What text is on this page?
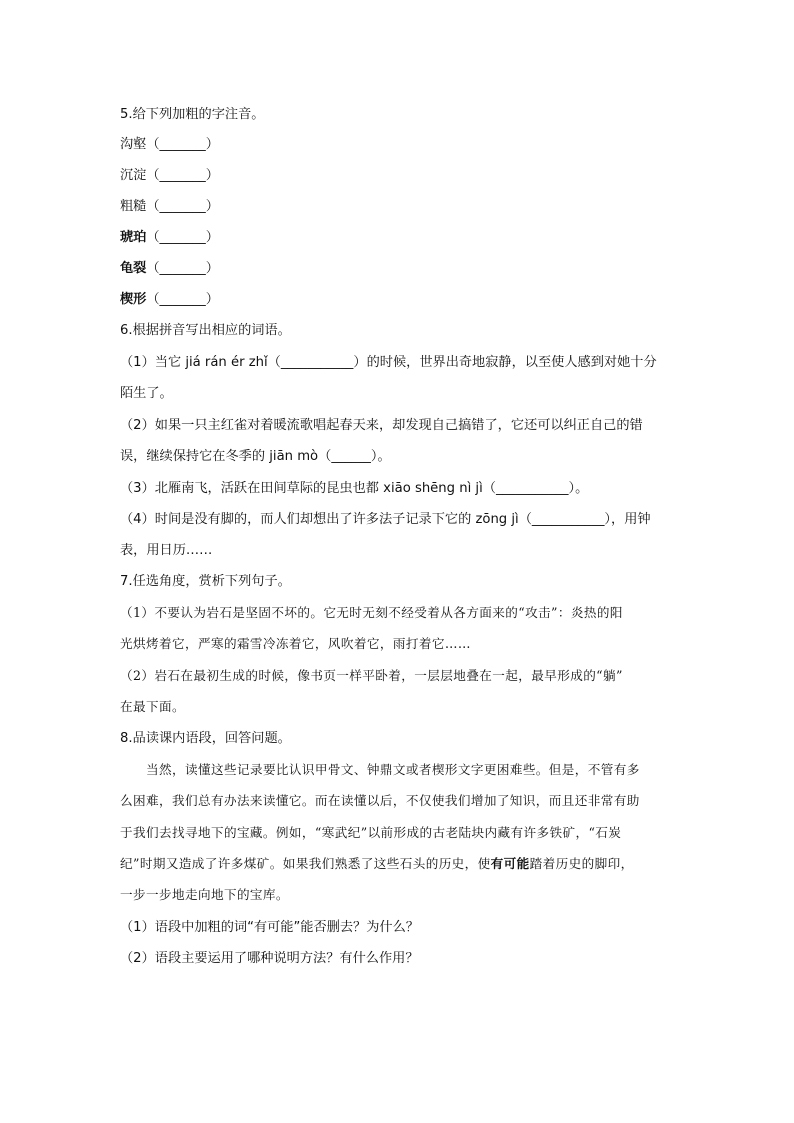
5.给下列加粗的字注音。
沟壑（_______）
沉淀（_______）
粗糙（_______）
琥珀（_______）
龟裂（_______）
楔形（_______）
6.根据拼音写出相应的词语。
（1）当它 jiá rán ér zhǐ（___________）的时候，世界出奇地寂静，以至使人感到对她十分
陌生了。
（2）如果一只主红雀对着暖流歌唱起春天来，却发现自己搞错了，它还可以纠正自己的错
误，继续保持它在冬季的 jiān mò（______）。
（3）北雁南飞，活跃在田间草际的昆虫也都 xiāo shēng nì jì（___________）。
（4）时间是没有脚的，而人们却想出了许多法子记录下它的 zōng jì（___________），用钟
表，用日历……
7.任选角度，赏析下列句子。
（1）不要认为岩石是坚固不坏的。它无时无刻不经受着从各方面来的“攻击”：炎热的阳
光烘烤着它，严寒的霜雪冷冻着它，风吹着它，雨打着它……
（2）岩石在最初生成的时候，像书页一样平卧着，一层层地叠在一起，最早形成的“躺”
在最下面。
8.品读课内语段，回答问题。
当然，读懂这些记录要比认识甲骨文、钟鼎文或者楔形文字更困难些。但是，不管有多
么困难，我们总有办法来读懂它。而在读懂以后，不仅使我们增加了知识，而且还非常有助
于我们去找寻地下的宝藏。例如，“寒武纪”以前形成的古老陆块内藏有许多铁矿，“石炭
纪”时期又造成了许多煤矿。如果我们熟悉了这些石头的历史，使有可能踏着历史的脚印，
一步一步地走向地下的宝库。
（1）语段中加粗的词“有可能”能否删去？为什么？
（2）语段主要运用了哪种说明方法？有什么作用？
